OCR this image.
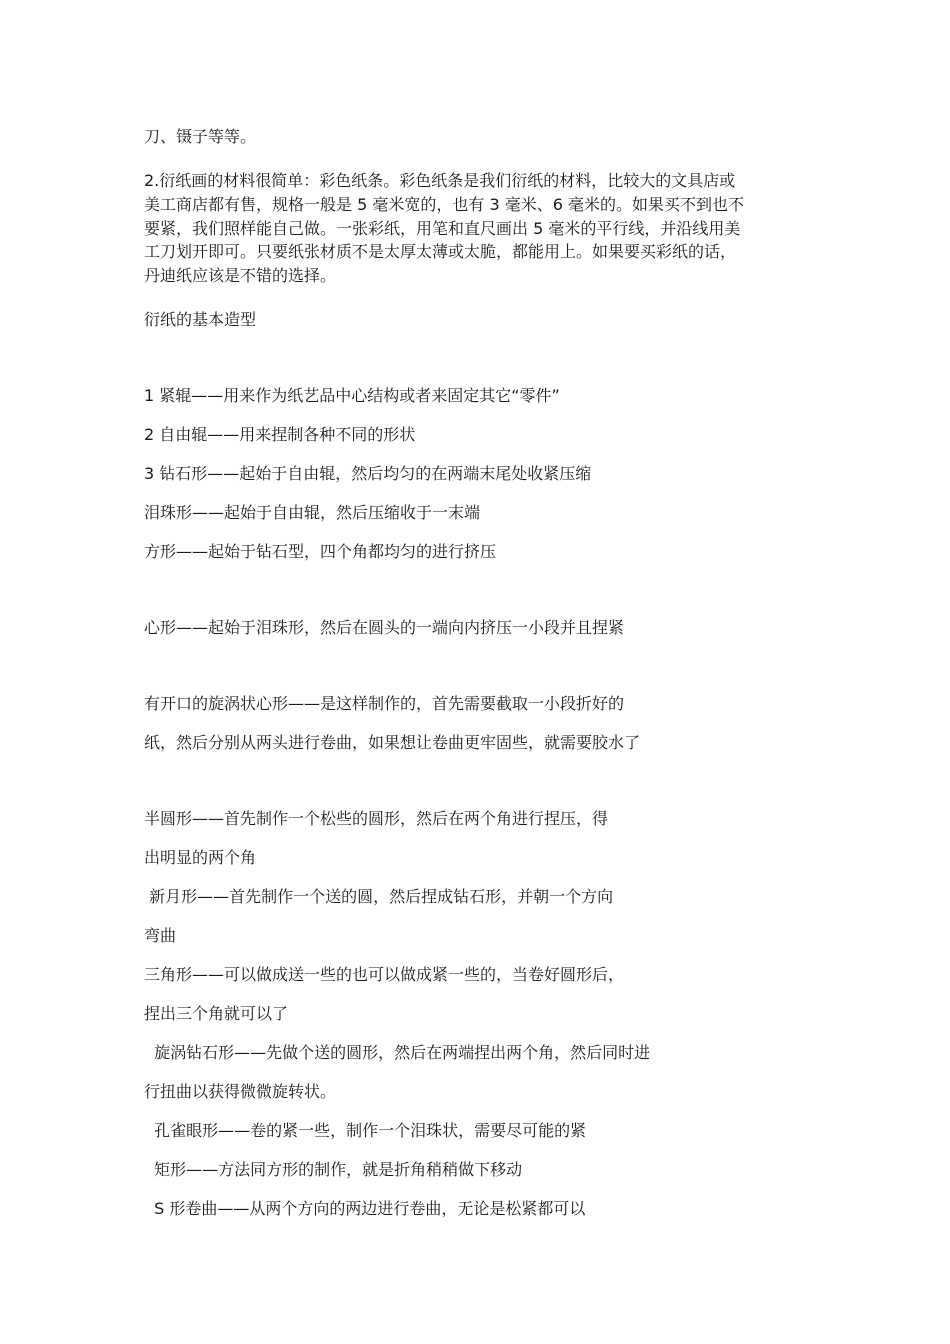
刀、镊子等等。

2.衍纸画的材料很简单：彩色纸条。彩色纸条是我们衍纸的材料，比较大的文具店或

美工商店都有售，规格一般是 5 毫米宽的，也有 3 毫米、6 毫米的。如果买不到也不

要紧，我们照样能自己做。一张彩纸，用笔和直尺画出 5 毫米的平行线，并沿线用美

工刀划开即可。只要纸张材质不是太厚太薄或太脆，都能用上。如果要买彩纸的话，

丹迪纸应该是不错的选择。

衍纸的基本造型

1 紧辊——用来作为纸艺品中心结构或者来固定其它“零件”

2 自由辊——用来捏制各种不同的形状

3 钻石形——起始于自由辊，然后均匀的在两端末尾处收紧压缩

泪珠形——起始于自由辊，然后压缩收于一末端

方形——起始于钻石型，四个角都均匀的进行挤压

心形——起始于泪珠形，然后在圆头的一端向内挤压一小段并且捏紧

有开口的旋涡状心形——是这样制作的，首先需要截取一小段折好的

纸，然后分别从两头进行卷曲，如果想让卷曲更牢固些，就需要胶水了

半圆形——首先制作一个松些的圆形，然后在两个角进行捏压，得

出明显的两个角

新月形——首先制作一个送的圆，然后捏成钻石形，并朝一个方向

弯曲

三角形——可以做成送一些的也可以做成紧一些的，当卷好圆形后，

捏出三个角就可以了

旋涡钻石形——先做个送的圆形，然后在两端捏出两个角，然后同时进

行扭曲以获得微微旋转状。

孔雀眼形——卷的紧一些，制作一个泪珠状，需要尽可能的紧

矩形——方法同方形的制作，就是折角稍稍做下移动

S 形卷曲——从两个方向的两边进行卷曲，无论是松紧都可以
